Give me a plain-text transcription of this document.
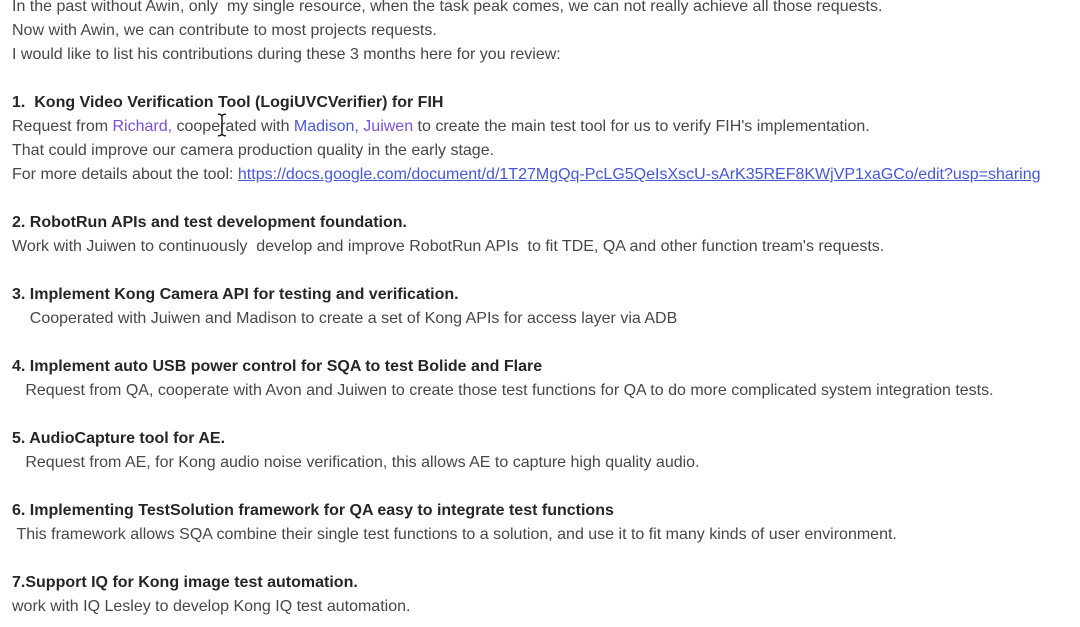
In the past without Awin, only  my single resource, when the task peak comes, we can not really achieve all those requests.

Now with Awin, we can contribute to most projects requests.

I would like to list his contributions during these 3 months here for you review:

1.  Kong Video Verification Tool (LogiUVCVerifier) for FIH

Request from Richard, cooperated with Madison, Juiwen to create the main test tool for us to verify FIH's implementation.

That could improve our camera production quality in the early stage.

For more details about the tool: https://docs.google.com/document/d/1T27MgQq-PcLG5QeIsXscU-sArK35REF8KWjVP1xaGCo/edit?usp=sharing

2. RobotRun APIs and test development foundation.

Work with Juiwen to continuously  develop and improve RobotRun APIs  to fit TDE, QA and other function tream's requests.

3. Implement Kong Camera API for testing and verification.

Cooperated with Juiwen and Madison to create a set of Kong APIs for access layer via ADB

4. Implement auto USB power control for SQA to test Bolide and Flare

Request from QA, cooperate with Avon and Juiwen to create those test functions for QA to do more complicated system integration tests.

5. AudioCapture tool for AE.

Request from AE, for Kong audio noise verification, this allows AE to capture high quality audio.

6. Implementing TestSolution framework for QA easy to integrate test functions

This framework allows SQA combine their single test functions to a solution, and use it to fit many kinds of user environment.

7.Support IQ for Kong image test automation.

work with IQ Lesley to develop Kong IQ test automation.
